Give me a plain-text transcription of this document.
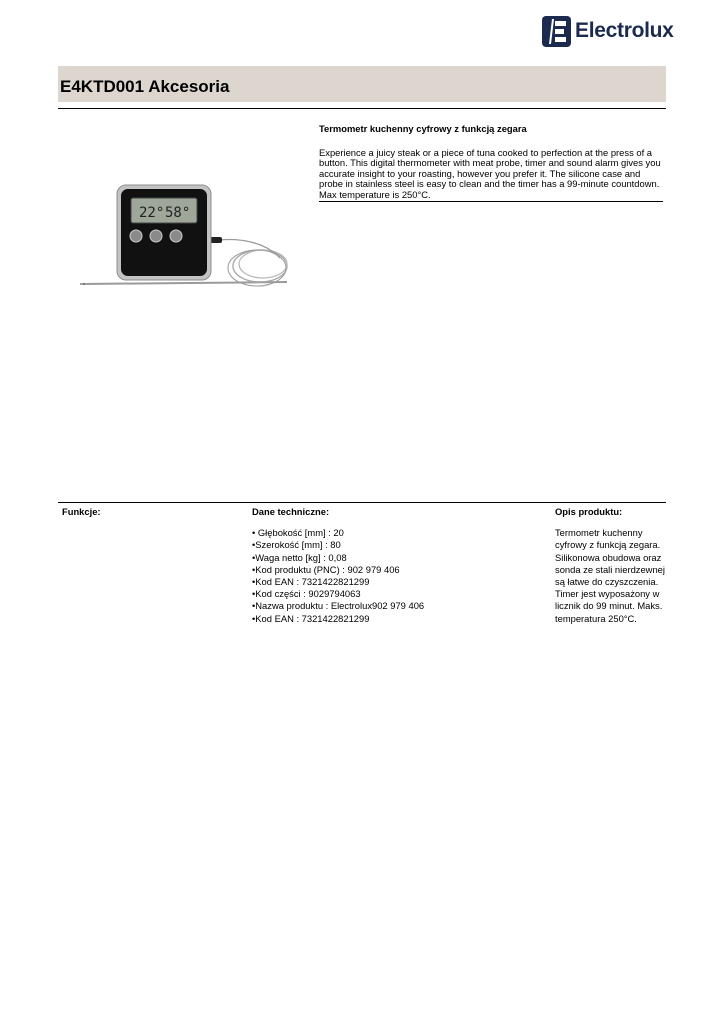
Electrolux
E4KTD001 Akcesoria
22° 58°
Termometr kuchenny cyfrowy z funkcją zegara
Experience a juicy steak or a piece of tuna cooked to perfection at the press of a button. This digital thermometer with meat probe, timer and sound alarm gives you accurate insight to your roasting, however you prefer it. The silicone case and probe in stainless steel is easy to clean and the timer has a 99-minute countdown. Max temperature is 250°C.
Funkcje:	Dane techniczne:
• Głębokość [mm] : 20
•Szerokość [mm] : 80
•Waga netto [kg] : 0,08
•Kod produktu (PNC) : 902 979 406
•Kod EAN : 7321422821299
•Kod części : 9029794063
•Nazwa produktu : Electrolux902 979 406
•Kod EAN : 7321422821299
Opis produktu:
Termometr kuchenny cyfrowy z funkcją zegara. Silikonowa obudowa oraz sonda ze stali nierdzewnej są łatwe do czyszczenia. Timer jest wyposażony w licznik do 99 minut. Maks. temperatura 250°C.
